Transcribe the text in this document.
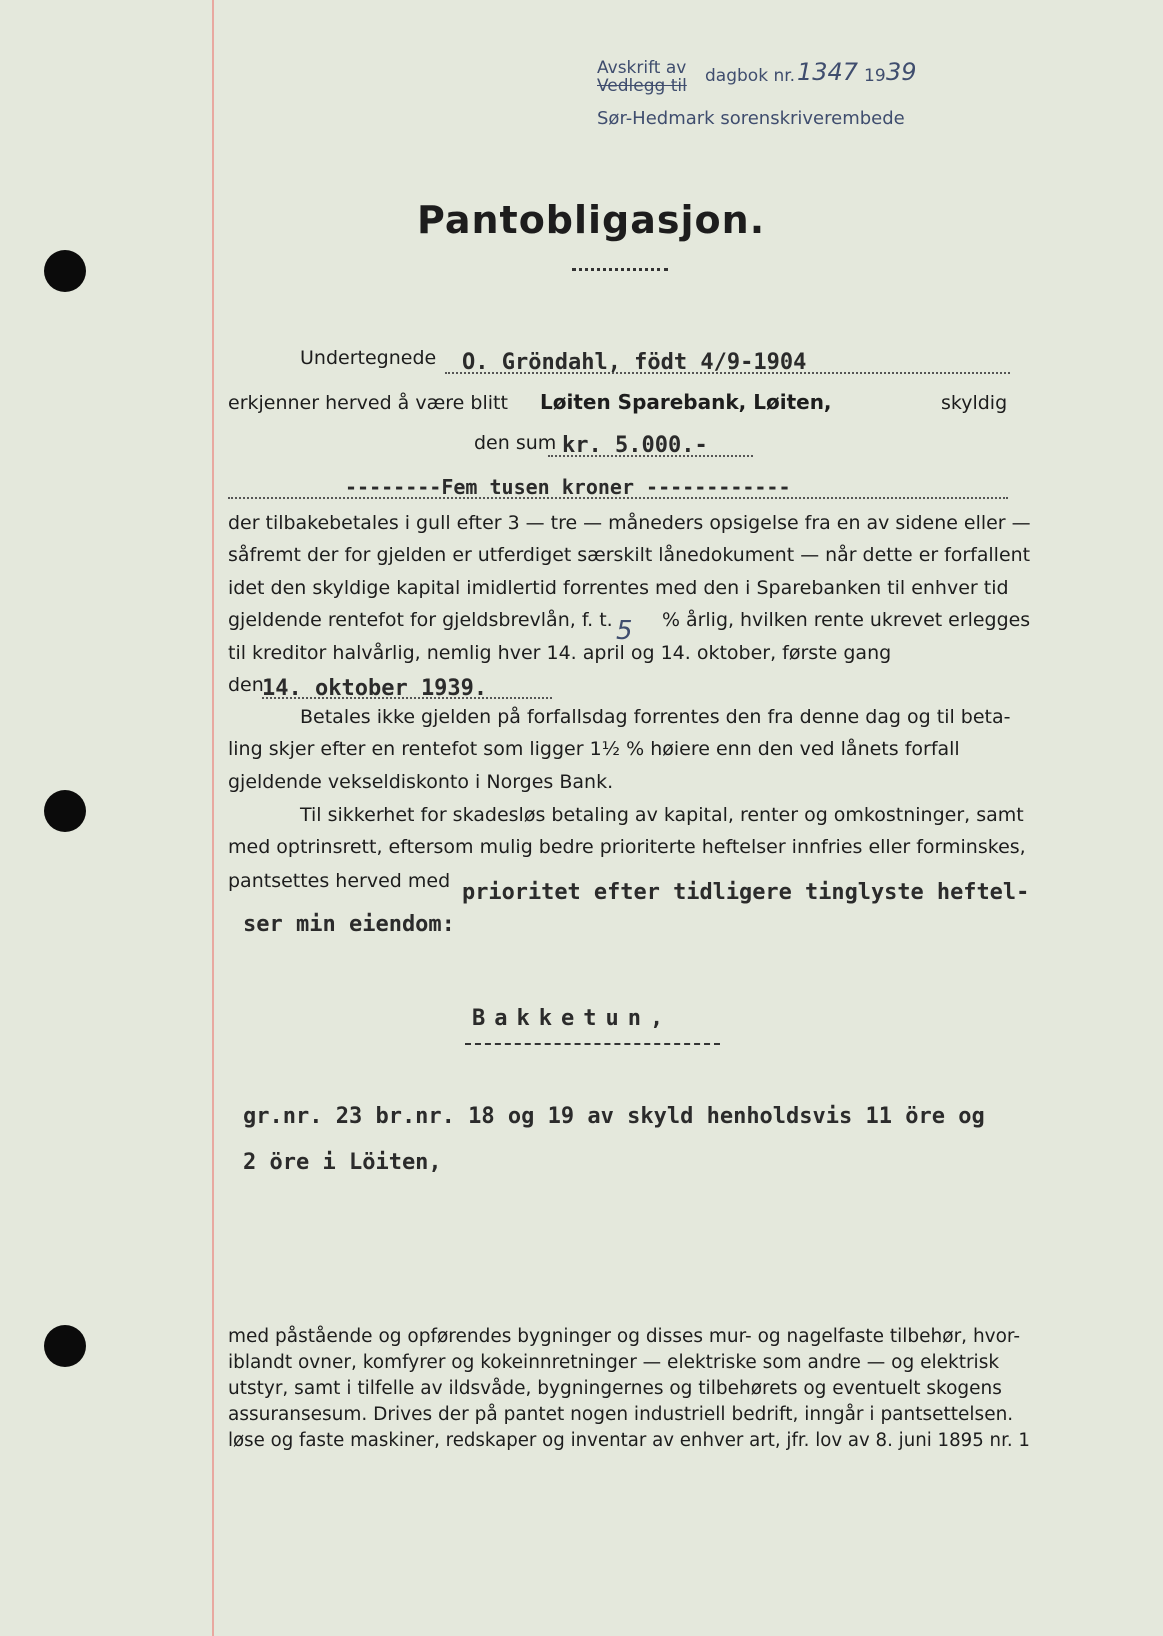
Avskrift av
Vedlegg til dagbok nr. 1347 19 39
Sør-Hedmark sorenskriverembede
Pantobligasjon.
Undertegnede O. Gröndahl, födt 4/9-1904
erkjenner herved å være blitt Løiten Sparebank, Løiten,	skyldig
den sum kr. 5.000.-
--------Fem tusen kroner ------------
der tilbakebetales i gull efter 3 — tre — måneders opsigelse fra en av sidene eller —
såfremt der for gjelden er utferdiget særskilt lånedokument — når dette er forfallent
idet den skyldige kapital imidlertid forrentes med den i Sparebanken til enhver tid
gjeldende rentefot for gjeldsbrevlån, f. t. 5 % årlig, hvilken rente ukrevet erlegges
til kreditor halvårlig, nemlig hver 14. april og 14. oktober, første gang
den
14. oktober 1939.
Betales ikke gjelden på forfallsdag forrentes den fra denne dag og til beta-
ling skjer efter en rentefot som ligger 1½ % høiere enn den ved lånets forfall
gjeldende vekseldiskonto i Norges Bank.
Til sikkerhet for skadesløs betaling av kapital, renter og omkostninger, samt
med optrinsrett, eftersom mulig bedre prioriterte heftelser innfries eller forminskes,
pantsettes herved med prioritet efter tidligere tinglyste heftel-
ser min eiendom:
Bakketun,
gr.nr. 23 br.nr. 18 og 19 av skyld henholdsvis 11 öre og
2 öre i Löiten,
med påstående og opførendes bygninger og disses mur- og nagelfaste tilbehør, hvor-
iblandt ovner, komfyrer og kokeinnretninger — elektriske som andre — og elektrisk
utstyr, samt i tilfelle av ildsvåde, bygningernes og tilbehørets og eventuelt skogens
assuransesum. Drives der på pantet nogen industriell bedrift, inngår i pantsettelsen.
løse og faste maskiner, redskaper og inventar av enhver art, jfr. lov av 8. juni 1895 nr. 1
